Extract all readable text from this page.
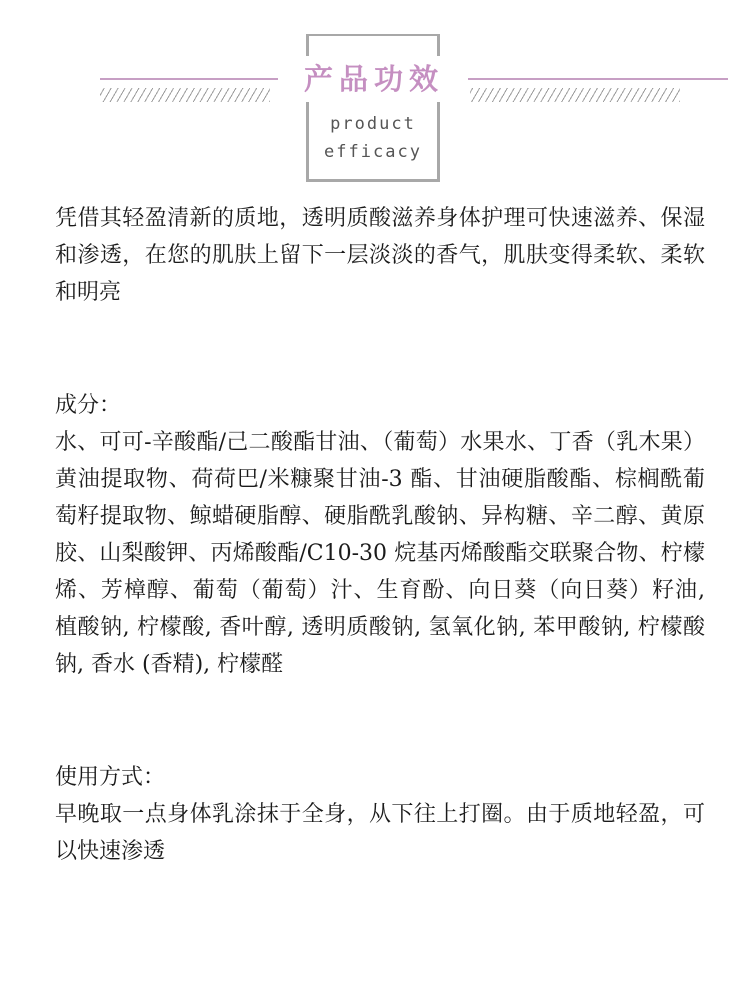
产品功效
product
efficacy

凭借其轻盈清新的质地，透明质酸滋养身体护理可快速滋养、保湿和渗透，在您的肌肤上留下一层淡淡的香气，肌肤变得柔软、柔软和明亮

成分：

水、可可-辛酸酯/己二酸酯甘油、（葡萄）水果水、丁香（乳木果）黄油提取物、荷荷巴/米糠聚甘油-3 酯、甘油硬脂酸酯、棕榈酰葡萄籽提取物、鲸蜡硬脂醇、硬脂酰乳酸钠、异构糖、辛二醇、黄原胶、山梨酸钾、丙烯酸酯/C10-30 烷基丙烯酸酯交联聚合物、柠檬烯、芳樟醇、葡萄（葡萄）汁、生育酚、向日葵（向日葵）籽油, 植酸钠, 柠檬酸, 香叶醇, 透明质酸钠, 氢氧化钠, 苯甲酸钠, 柠檬酸钠, 香水 (香精), 柠檬醛

使用方式：

早晚取一点身体乳涂抹于全身，从下往上打圈。由于质地轻盈，可以快速渗透
